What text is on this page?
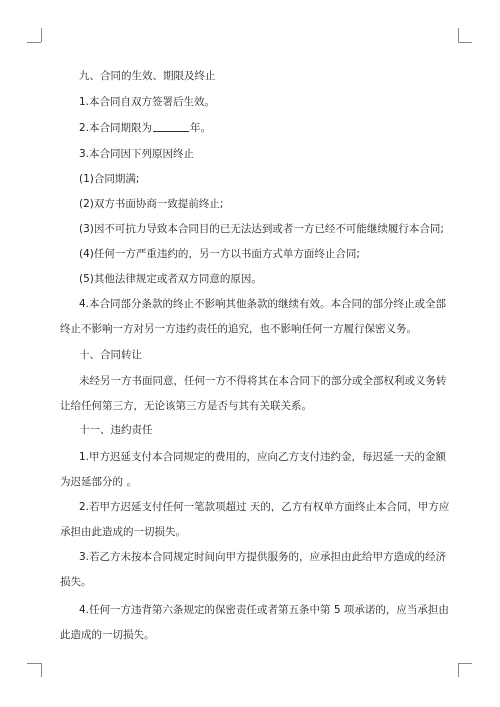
九、合同的生效、期限及终止
1.本合同自双方签署后生效。
2.本合同期限为	年。
3.本合同因下列原因终止
(1)合同期满;
(2)双方书面协商一致提前终止;
(3)因不可抗力导致本合同目的已无法达到或者一方已经不可能继续履行本合同;
(4)任何一方严重违约的，另一方以书面方式单方面终止合同;
(5)其他法律规定或者双方同意的原因。
4.本合同部分条款的终止不影响其他条款的继续有效。本合同的部分终止或全部
终止不影响一方对另一方违约责任的追究，也不影响任何一方履行保密义务。
十、合同转让
未经另一方书面同意，任何一方不得将其在本合同下的部分或全部权利或义务转
让给任何第三方，无论该第三方是否与其有关联关系。
十一、违约责任
1.甲方迟延支付本合同规定的费用的，应向乙方支付违约金，每迟延一天的金额
为迟延部分的 。
2.若甲方迟延支付任何一笔款项超过 天的，乙方有权单方面终止本合同，甲方应
承担由此造成的一切损失。
3.若乙方未按本合同规定时间向甲方提供服务的，应承担由此给甲方造成的经济
损失。
4.任何一方违背第六条规定的保密责任或者第五条中第 5 项承诺的，应当承担由
此造成的一切损失。
